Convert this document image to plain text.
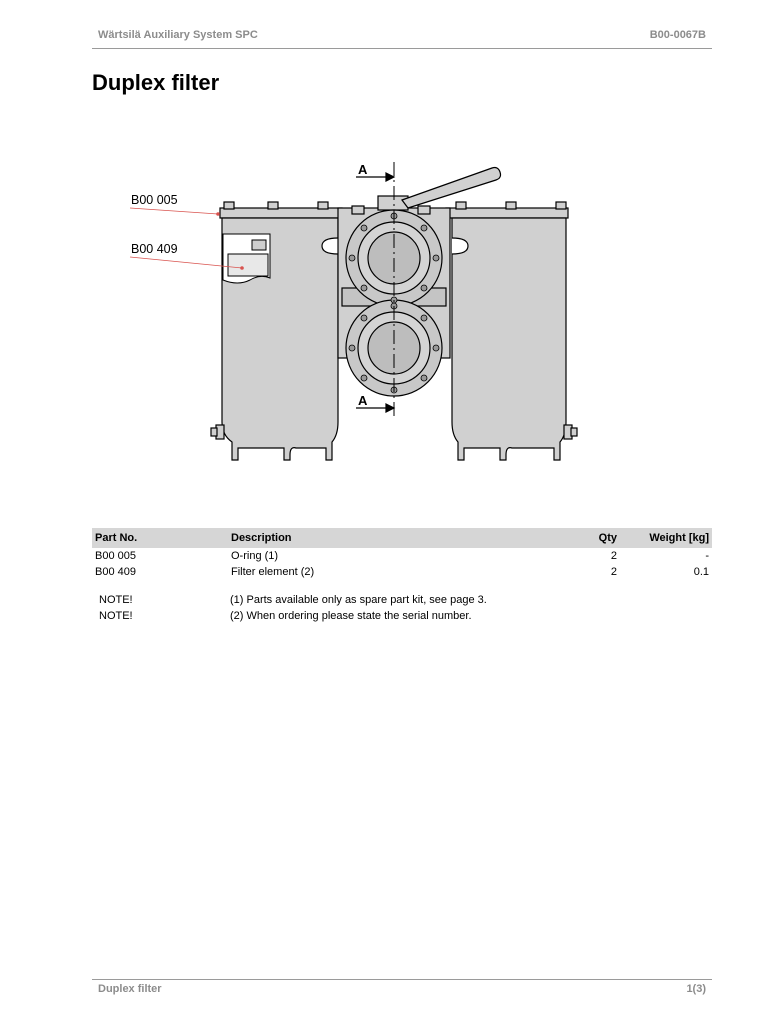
Wärtsilä Auxiliary System SPC	B00-0067B
Duplex filter
A
A
B00 005
B00 409
Part No.	Description	Qty	Weight [kg]
B00 005	O-ring (1)	2	-
B00 409	Filter element (2)	2	0.1
NOTE!	(1) Parts available only as spare part kit, see page 3.
NOTE!	(2) When ordering please state the serial number.
Duplex filter	1(3)
